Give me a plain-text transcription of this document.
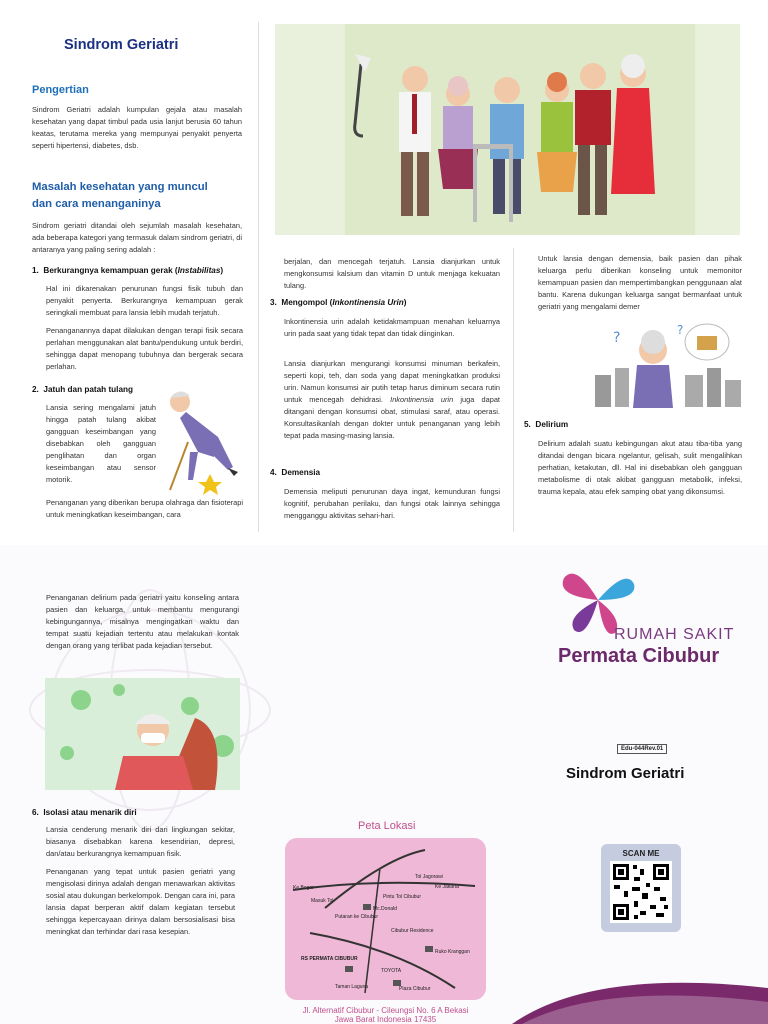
Sindrom Geriatri
Pengertian
Sindrom Geriatri adalah kumpulan gejala atau masalah kesehatan yang dapat timbul pada usia lanjut berusia 60 tahun keatas, terutama mereka yang mempunyai penyakit penyerta seperti hipertensi, diabetes, dsb.
Masalah kesehatan yang muncul
dan cara menanganinya
Sindrom geriatri ditandai oleh sejumlah masalah kesehatan, ada beberapa kategori yang termasuk dalam sindrom geriatri, di antaranya yang paling sering adalah :
1. Berkurangnya kemampuan gerak (Instabilitas)
Hal ini dikarenakan penurunan fungsi fisik tubuh dan penyakit penyerta. Berkurangnya kemampuan gerak seringkali membuat para lansia lebih mudah terjatuh.
Penanganannya dapat dilakukan dengan terapi fisik secara perlahan menggunakan alat bantu/pendukung untuk berdiri, sehingga dapat menopang tubuhnya dan bergerak secara perlahan.
2. Jatuh dan patah tulang
Lansia sering mengalami jatuh hingga patah tulang akibat gangguan keseimbangan yang disebabkan oleh gangguan penglihatan dan organ keseimbangan atau sensor motorik.
Penanganan yang diberikan berupa olahraga dan fisioterapi untuk meningkatkan keseimbangan, cara
berjalan, dan mencegah terjatuh. Lansia dianjurkan untuk mengkonsumsi kalsium dan vitamin D untuk menjaga kekuatan tulang.
3. Mengompol (Inkontinensia Urin)
Inkontinensia urin adalah ketidakmampuan menahan keluarnya urin pada saat yang tidak tepat dan tidak diinginkan.
Lansia dianjurkan mengurangi konsumsi minuman berkafein, seperti kopi, teh, dan soda yang dapat meningkatkan produksi urin. Namun konsumsi air putih tetap harus diminum secara rutin untuk mencegah dehidrasi. Inkontinensia urin juga dapat ditangani dengan konsumsi obat, stimulasi saraf, atau operasi. Konsultasikanlah dengan dokter untuk penanganan yang lebih tepat pada masing-masing lansia.
4. Demensia
Demensia meliputi penurunan daya ingat, kemunduran fungsi kognitif, perubahan perilaku, dan fungsi otak lainnya sehingga mengganggu aktivitas sehari-hari.
Untuk lansia dengan demensia, baik pasien dan pihak keluarga perlu diberikan konseling untuk memonitor kemampuan pasien dan mempertimbangkan penggunaan alat bantu. Karena dukungan keluarga sangat bermanfaat untuk geriatri yang mengalami demer
?	?
5. Delirium
Delirium adalah suatu kebingungan akut atau tiba-tiba yang ditandai dengan bicara ngelantur, gelisah, sulit mengalihkan perhatian, ketakutan, dll. Hal ini disebabkan oleh gangguan metabolisme di otak akibat gangguan metabolik, infeksi, trauma kepala, atau efek samping obat yang dikonsumsi.
Penanganan delirium pada geriatri yaitu konseling antara pasien dan keluarga, untuk membantu mengurangi kebingungannya, misalnya mengingatkan waktu dan tempat suatu kejadian tertentu atau melakukan kontak dengan orang yang terlibat pada kejadian tersebut.
6. Isolasi atau menarik diri
Lansia cenderung menarik diri dari lingkungan sekitar, biasanya disebabkan karena kesendirian, depresi, dan/atau berkurangnya kemampuan fisik.
Penanganan yang tepat untuk pasien geriatri yang mengisolasi dirinya adalah dengan menawarkan aktivitas sosial atau dukungan berkelompok. Dengan cara ini, para lansia dapat berperan aktif dalam kegiatan tersebut sehingga kepercayaan dirinya dalam bersosialisasi bisa meningkat dan terhindar dari rasa kesepian.
Peta Lokasi
Tol Jagorawi
Ke Jakarta
Ke Bogor
Pintu Tol Cibubur
Masuk Tol
Mc.Donald
Putaran ke Cibubur
Cibubur Residence
Ruko Kranggan
RS PERMATA CIBUBUR
TOYOTA
Taman Laguna	Plaza Cibubur
Jl. Alternatif Cibubur - Cileungsi No. 6 A Bekasi
Jawa Barat Indonesia 17435
RUMAH SAKIT
Permata Cibubur
Edu-044Rev.01
Sindrom Geriatri
SCAN ME
